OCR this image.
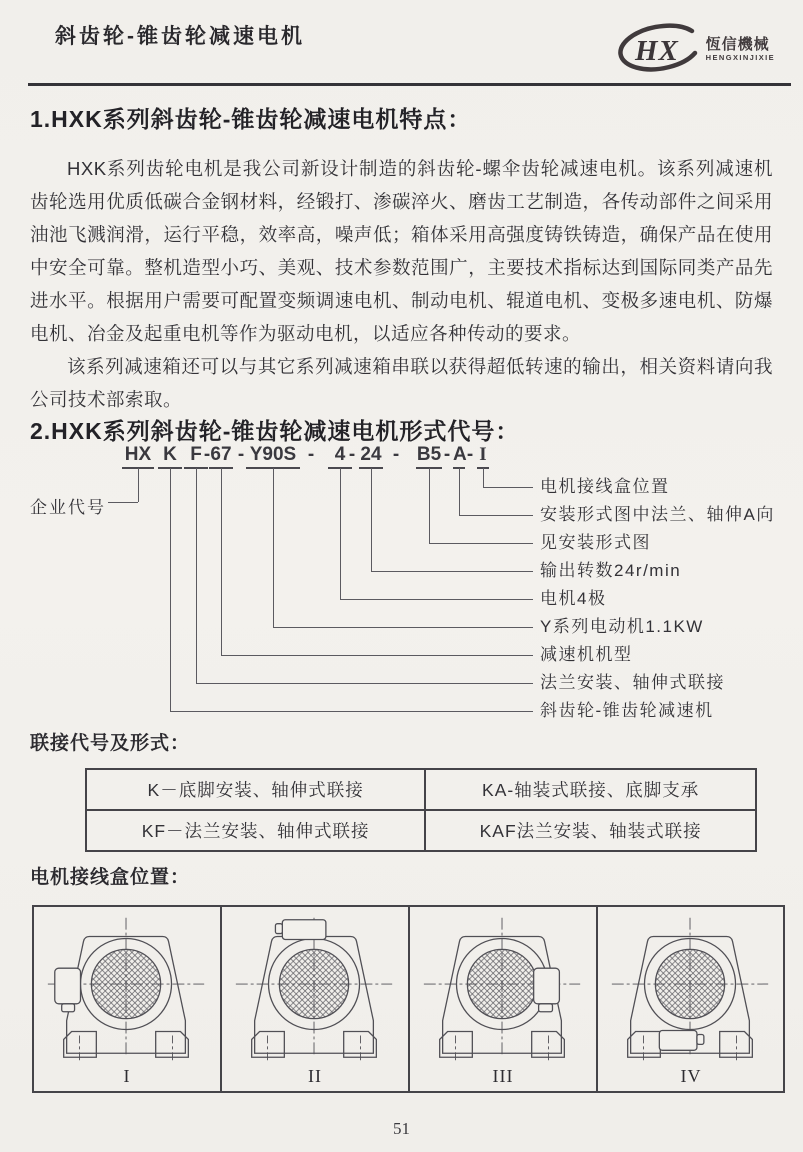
斜齿轮-锥齿轮减速电机	HX 恆信機械
HENGXINJIXIE
1.HXK系列斜齿轮-锥齿轮减速电机特点：

HXK系列齿轮电机是我公司新设计制造的斜齿轮-螺伞齿轮减速电机。该系列减速机齿轮选用优质低碳合金钢材料，经锻打、渗碳淬火、磨齿工艺制造，各传动部件之间采用油池飞溅润滑，运行平稳，效率高，噪声低；箱体采用高强度铸铁铸造，确保产品在使用中安全可靠。整机造型小巧、美观、技术参数范围广，主要技术指标达到国际同类产品先进水平。根据用户需要可配置变频调速电机、制动电机、辊道电机、变极多速电机、防爆电机、冶金及起重电机等作为驱动电机，以适应各种传动的要求。

该系列减速箱还可以与其它系列减速箱串联以获得超低转速的输出，相关资料请向我公司技术部索取。

2.HXK系列斜齿轮-锥齿轮减速电机形式代号：
HX K F - 67 - Y90S -	4 - 24 - B5 - A - I
企业代号
电机接线盒位置
安装形式图中法兰、轴伸A向
见安装形式图
输出转数24r/min
电机4极
Y系列电动机1.1KW
减速机机型
法兰安装、轴伸式联接
斜齿轮-锥齿轮减速机
联接代号及形式：
K－底脚安装、轴伸式联接	KA-轴装式联接、底脚支承
KF－法兰安装、轴伸式联接	KAF法兰安装、轴装式联接
电机接线盒位置：
I	II	III	IV
51
